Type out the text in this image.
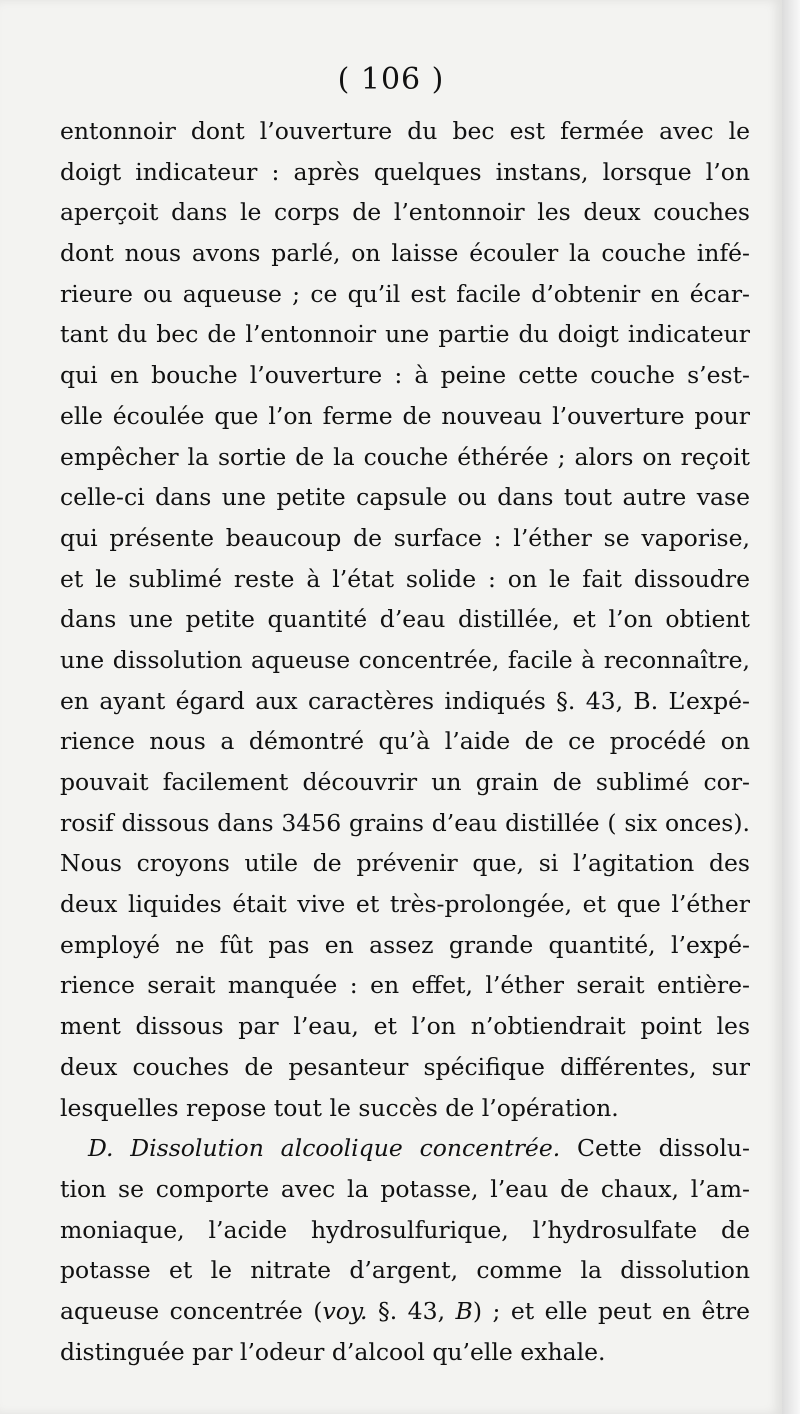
( 106 )
entonnoir dont l’ouverture du bec est fermée avec le
doigt indicateur : après quelques instans, lorsque l’on
aperçoit dans le corps de l’entonnoir les deux couches
dont nous avons parlé, on laisse écouler la couche infé-
rieure ou aqueuse ; ce qu’il est facile d’obtenir en écar-
tant du bec de l’entonnoir une partie du doigt indicateur
qui en bouche l’ouverture : à peine cette couche s’est-
elle écoulée que l’on ferme de nouveau l’ouverture pour
empêcher la sortie de la couche éthérée ; alors on reçoit
celle-ci dans une petite capsule ou dans tout autre vase
qui présente beaucoup de surface : l’éther se vaporise,
et le sublimé reste à l’état solide : on le fait dissoudre
dans une petite quantité d’eau distillée, et l’on obtient
une dissolution aqueuse concentrée, facile à reconnaître,
en ayant égard aux caractères indiqués §. 43, B. L’expé-
rience nous a démontré qu’à l’aide de ce procédé on
pouvait facilement découvrir un grain de sublimé cor-
rosif dissous dans 3456 grains d’eau distillée ( six onces).
Nous croyons utile de prévenir que, si l’agitation des
deux liquides était vive et très-prolongée, et que l’éther
employé ne fût pas en assez grande quantité, l’expé-
rience serait manquée : en effet, l’éther serait entière-
ment dissous par l’eau, et l’on n’obtiendrait point les
deux couches de pesanteur spécifique différentes, sur
lesquelles repose tout le succès de l’opération.
D. Dissolution alcoolique concentrée. Cette dissolu-
tion se comporte avec la potasse, l’eau de chaux, l’am-
moniaque, l’acide hydrosulfurique, l’hydrosulfate de
potasse et le nitrate d’argent, comme la dissolution
aqueuse concentrée (voy. §. 43, B) ; et elle peut en être
distinguée par l’odeur d’alcool qu’elle exhale.
